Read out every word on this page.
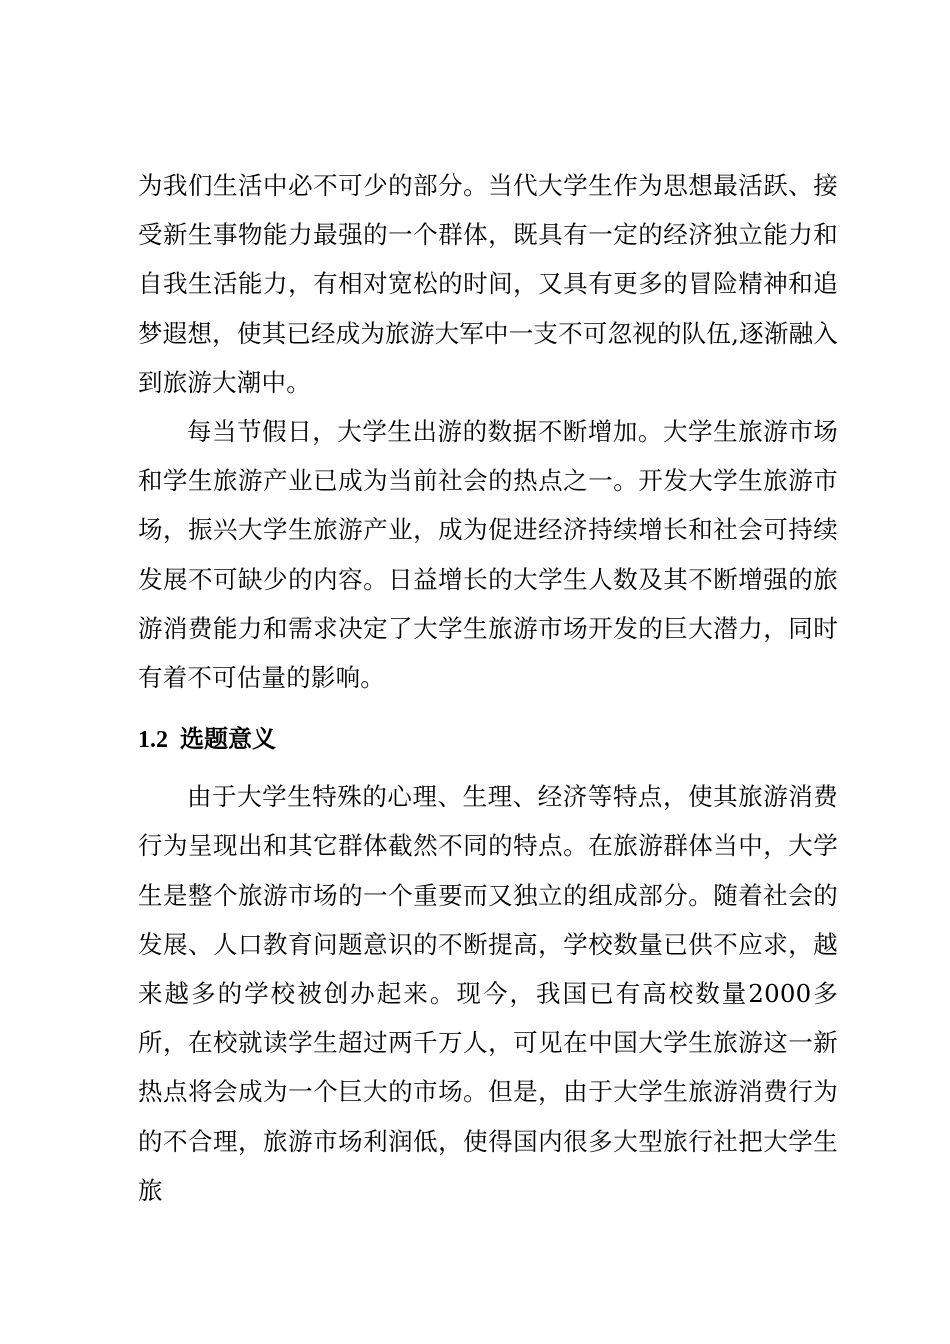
为我们生活中必不可少的部分。当代大学生作为思想最活跃、接受新生事物能力最强的一个群体，既具有一定的经济独立能力和自我生活能力，有相对宽松的时间，又具有更多的冒险精神和追梦遐想，使其已经成为旅游大军中一支不可忽视的队伍,逐渐融入到旅游大潮中。

每当节假日，大学生出游的数据不断增加。大学生旅游市场和学生旅游产业已成为当前社会的热点之一。开发大学生旅游市场，振兴大学生旅游产业，成为促进经济持续增长和社会可持续发展不可缺少的内容。日益增长的大学生人数及其不断增强的旅游消费能力和需求决定了大学生旅游市场开发的巨大潜力，同时有着不可估量的影响。

1.2 选题意义

由于大学生特殊的心理、生理、经济等特点，使其旅游消费行为呈现出和其它群体截然不同的特点。在旅游群体当中，大学生是整个旅游市场的一个重要而又独立的组成部分。随着社会的发展、人口教育问题意识的不断提高，学校数量已供不应求，越来越多的学校被创办起来。现今，我国已有高校数量2000多所，在校就读学生超过两千万人，可见在中国大学生旅游这一新热点将会成为一个巨大的市场。但是，由于大学生旅游消费行为的不合理，旅游市场利润低，使得国内很多大型旅行社把大学生旅
